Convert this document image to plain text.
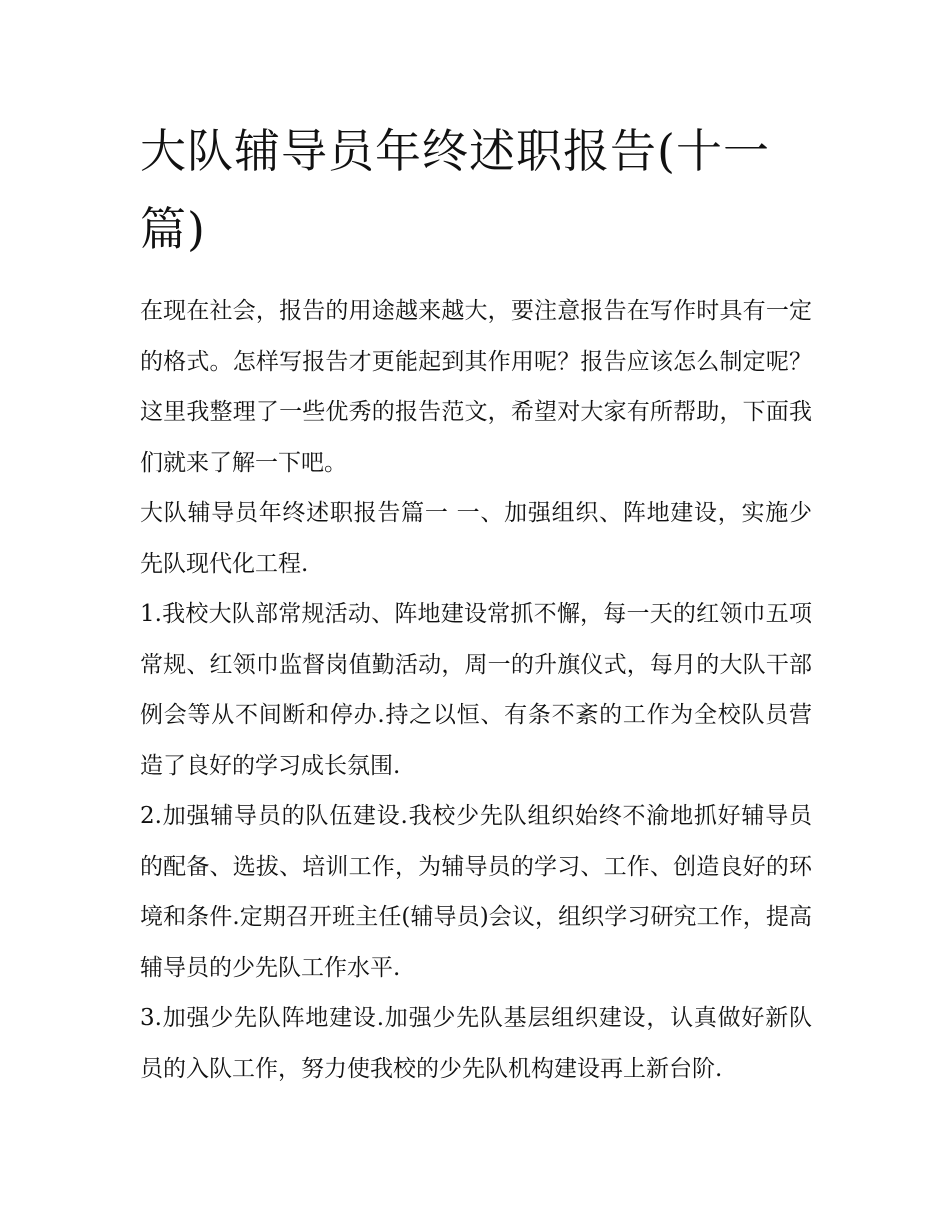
大队辅导员年终述职报告(十一篇)

在现在社会，报告的用途越来越大，要注意报告在写作时具有一定的格式。怎样写报告才更能起到其作用呢？报告应该怎么制定呢？这里我整理了一些优秀的报告范文，希望对大家有所帮助，下面我们就来了解一下吧。

大队辅导员年终述职报告篇一 一、加强组织、阵地建设，实施少先队现代化工程.

1.我校大队部常规活动、阵地建设常抓不懈，每一天的红领巾五项常规、红领巾监督岗值勤活动，周一的升旗仪式，每月的大队干部例会等从不间断和停办.持之以恒、有条不紊的工作为全校队员营造了良好的学习成长氛围.

2.加强辅导员的队伍建设.我校少先队组织始终不渝地抓好辅导员的配备、选拔、培训工作，为辅导员的学习、工作、创造良好的环境和条件.定期召开班主任(辅导员)会议，组织学习研究工作，提高辅导员的少先队工作水平.

3.加强少先队阵地建设.加强少先队基层组织建设，认真做好新队员的入队工作，努力使我校的少先队机构建设再上新台阶.
